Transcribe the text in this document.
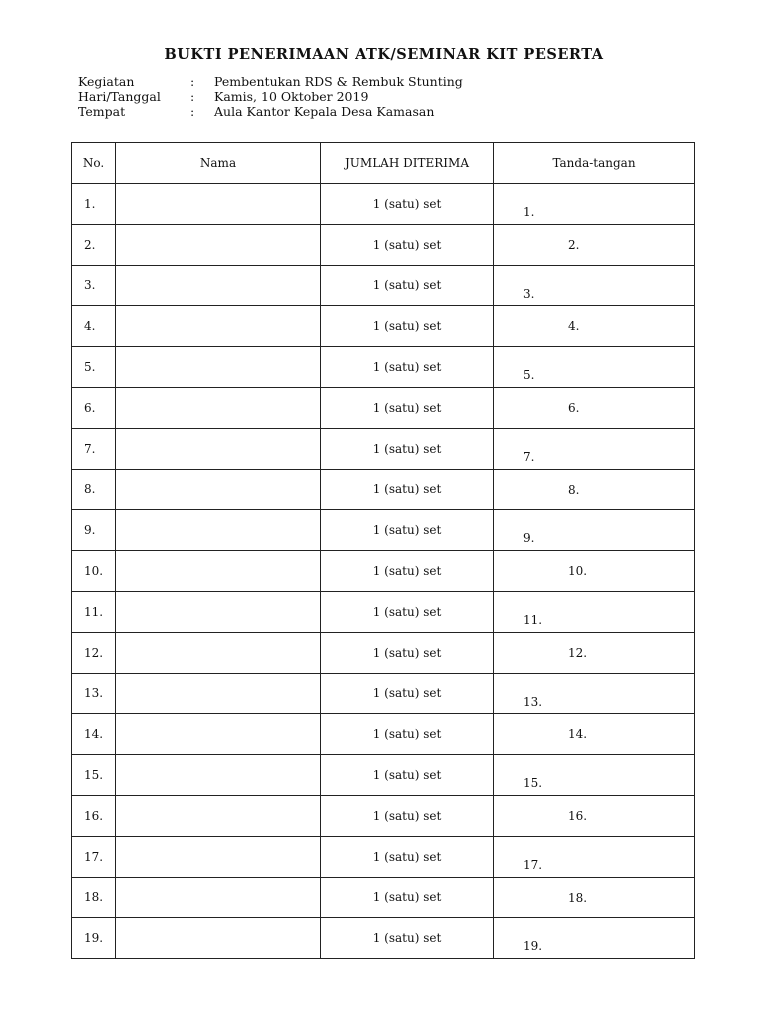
BUKTI PENERIMAAN ATK/SEMINAR KIT PESERTA
Kegiatan	:	Pembentukan RDS & Rembuk Stunting
Hari/Tanggal	:	Kamis, 10 Oktober 2019
Tempat	:	Aula Kantor Kepala Desa Kamasan
No.	Nama	JUMLAH DITERIMA	Tanda-tangan
1.		1 (satu) set	1.

2.		1 (satu) set	2.

3.		1 (satu) set	3.

4.		1 (satu) set	4.

5.		1 (satu) set	5.

6.		1 (satu) set	6.

7.		1 (satu) set	7.

8.		1 (satu) set	8.

9.		1 (satu) set	9.

10.		1 (satu) set	10.

11.		1 (satu) set	11.

12.		1 (satu) set	12.

13.		1 (satu) set	13.

14.		1 (satu) set	14.

15.		1 (satu) set	15.

16.		1 (satu) set	16.

17.		1 (satu) set	17.

18.		1 (satu) set	18.

19.		1 (satu) set	19.
